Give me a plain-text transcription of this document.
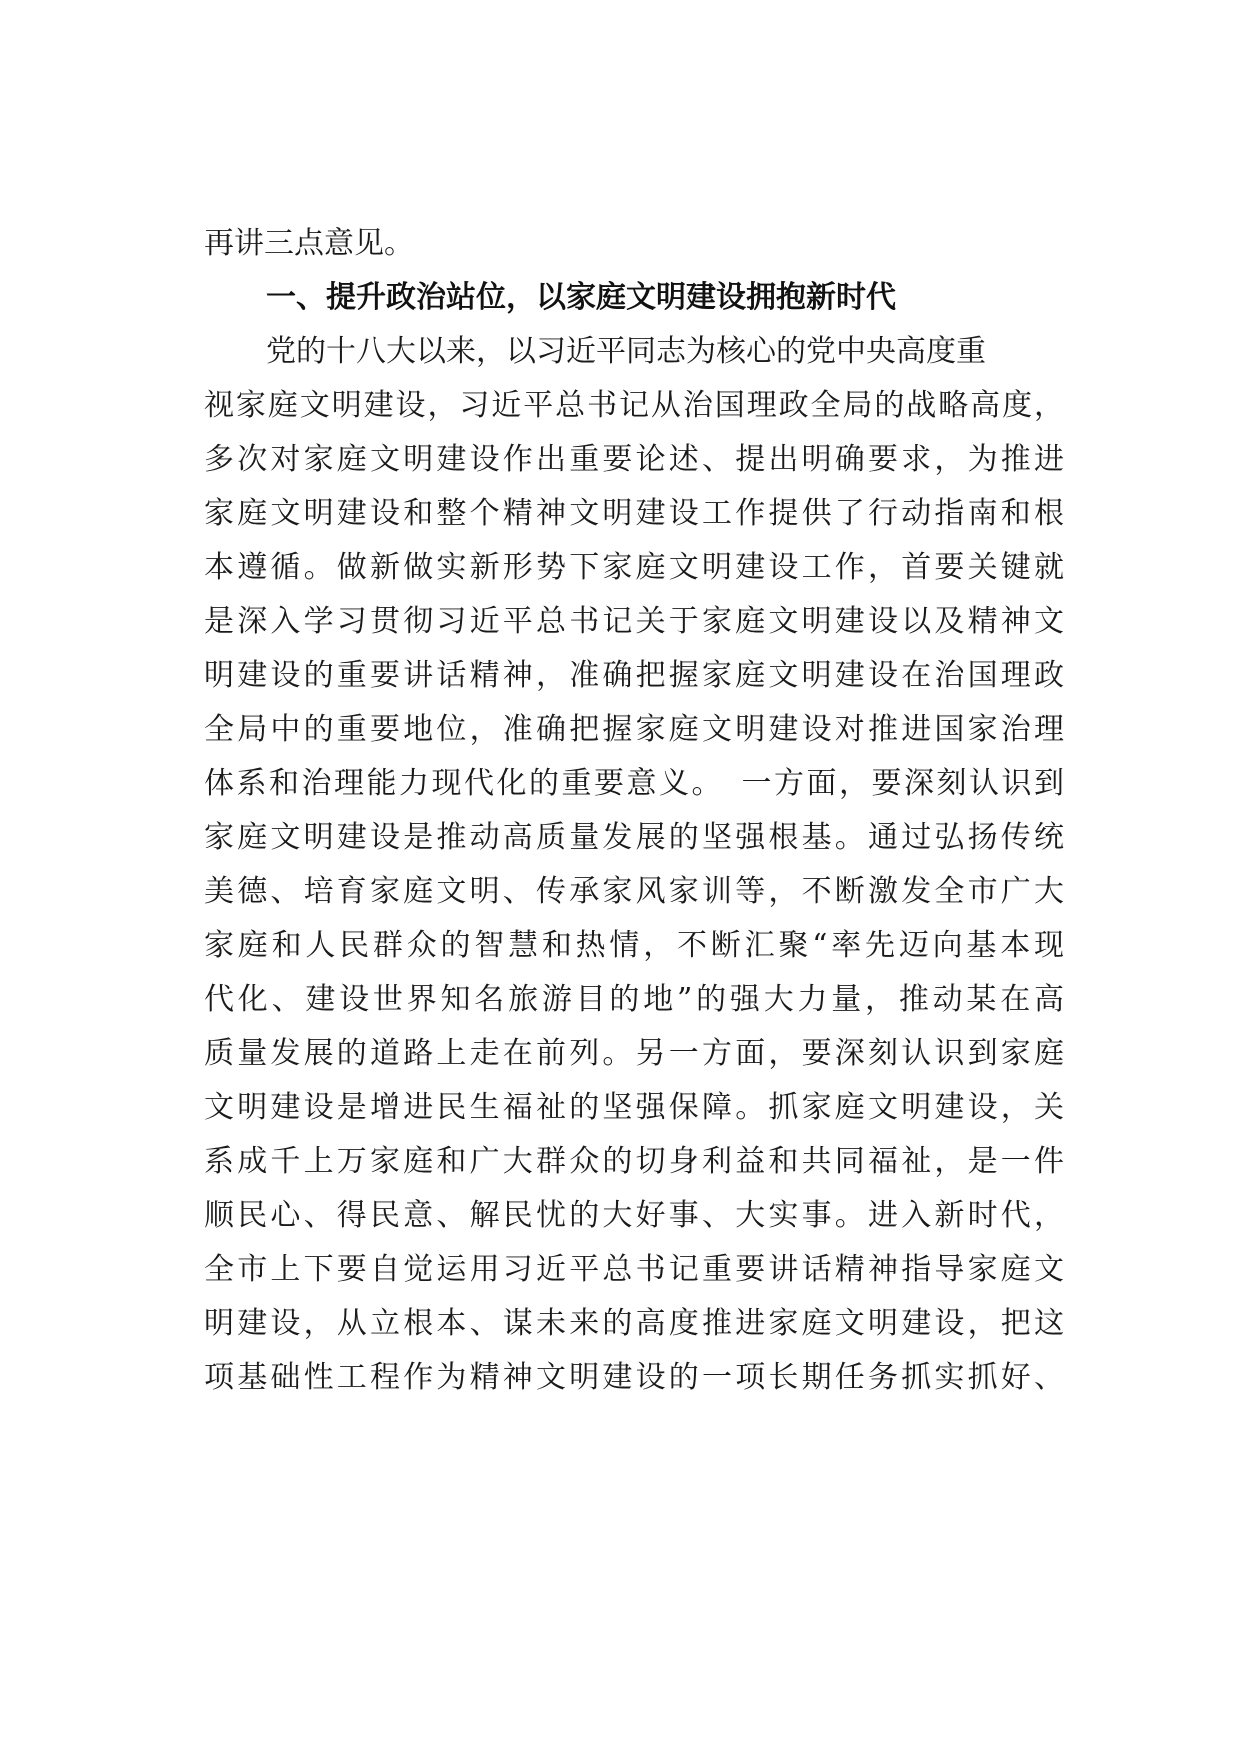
再讲三点意见。
一、提升政治站位，以家庭文明建设拥抱新时代
党的十八大以来，以习近平同志为核心的党中央高度重
视家庭文明建设，习近平总书记从治国理政全局的战略高度，
多次对家庭文明建设作出重要论述、提出明确要求，为推进
家庭文明建设和整个精神文明建设工作提供了行动指南和根
本遵循。做新做实新形势下家庭文明建设工作，首要关键就
是深入学习贯彻习近平总书记关于家庭文明建设以及精神文
明建设的重要讲话精神，准确把握家庭文明建设在治国理政
全局中的重要地位，准确把握家庭文明建设对推进国家治理
体系和治理能力现代化的重要意义。　一方面，要深刻认识到
家庭文明建设是推动高质量发展的坚强根基。通过弘扬传统
美德、培育家庭文明、传承家风家训等，不断激发全市广大
家庭和人民群众的智慧和热情，不断汇聚“率先迈向基本现
代化、建设世界知名旅游目的地”的强大力量，推动某在高
质量发展的道路上走在前列。另一方面，要深刻认识到家庭
文明建设是增进民生福祉的坚强保障。抓家庭文明建设，关
系成千上万家庭和广大群众的切身利益和共同福祉，是一件
顺民心、得民意、解民忧的大好事、大实事。进入新时代，
全市上下要自觉运用习近平总书记重要讲话精神指导家庭文
明建设，从立根本、谋未来的高度推进家庭文明建设，把这
项基础性工程作为精神文明建设的一项长期任务抓实抓好、
